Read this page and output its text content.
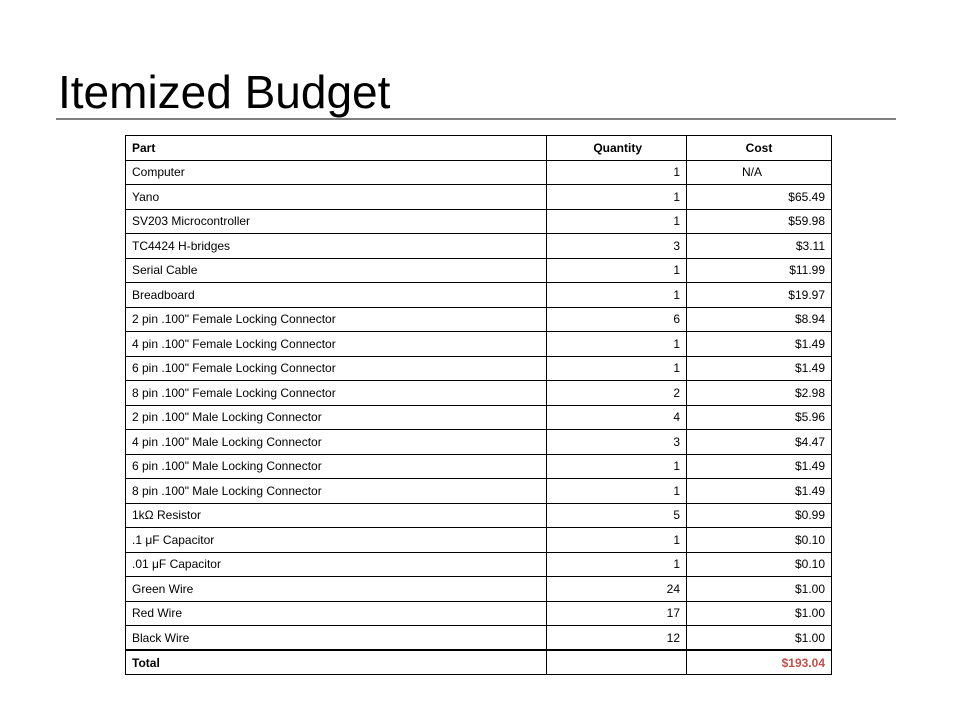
Itemized Budget
Part	Quantity	Cost
Computer	1	N/A
Yano	1	$65.49
SV203 Microcontroller	1	$59.98
TC4424 H-bridges	3	$3.11
Serial Cable	1	$11.99
Breadboard	1	$19.97
2 pin .100" Female Locking Connector	6	$8.94
4 pin .100" Female Locking Connector	1	$1.49
6 pin .100" Female Locking Connector	1	$1.49
8 pin .100" Female Locking Connector	2	$2.98
2 pin .100" Male Locking Connector	4	$5.96
4 pin .100" Male Locking Connector	3	$4.47
6 pin .100" Male Locking Connector	1	$1.49
8 pin .100" Male Locking Connector	1	$1.49
1kΩ Resistor	5	$0.99
.1 μF Capacitor	1	$0.10
.01 μF Capacitor	1	$0.10
Green Wire	24	$1.00
Red Wire	17	$1.00
Black Wire	12	$1.00
Total		$193.04
